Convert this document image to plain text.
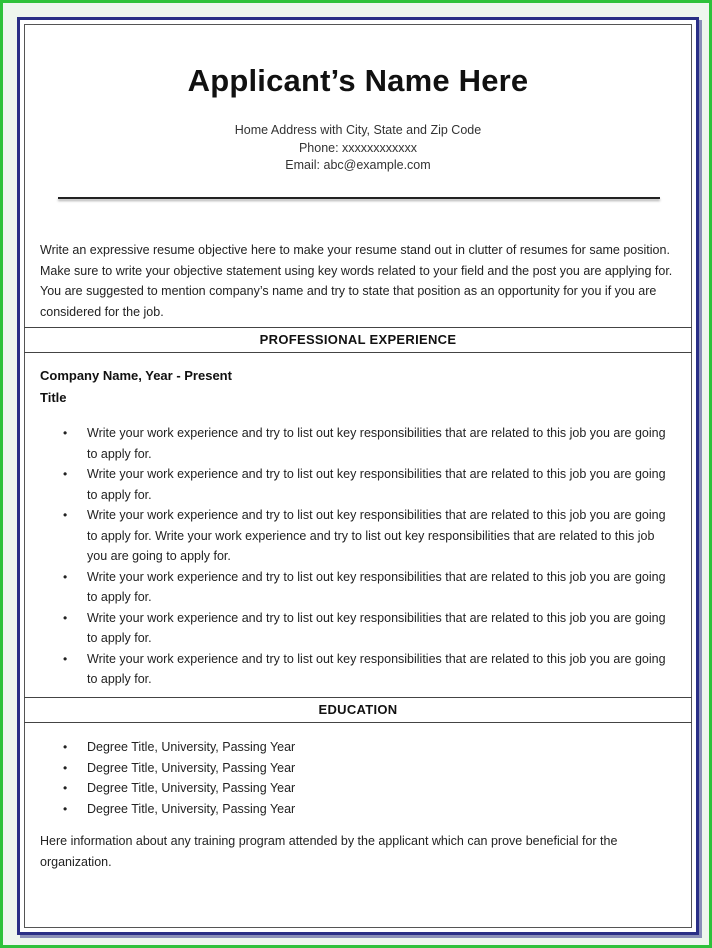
Applicant’s Name Here
Home Address with City, State and Zip Code
Phone: xxxxxxxxxxxx
Email: abc@example.com
Write an expressive resume objective here to make your resume stand out in clutter of resumes for same position. Make sure to write your objective statement using key words related to your field and the post you are applying for. You are suggested to mention company’s name and try to state that position as an opportunity for you if you are considered for the job.
PROFESSIONAL EXPERIENCE
Company Name, Year - Present
Title
• Write your work experience and try to list out key responsibilities that are related to this job you are going to apply for.
• Write your work experience and try to list out key responsibilities that are related to this job you are going to apply for.
• Write your work experience and try to list out key responsibilities that are related to this job you are going to apply for. Write your work experience and try to list out key responsibilities that are related to this job you are going to apply for.
• Write your work experience and try to list out key responsibilities that are related to this job you are going to apply for.
• Write your work experience and try to list out key responsibilities that are related to this job you are going to apply for.
• Write your work experience and try to list out key responsibilities that are related to this job you are going to apply for.
EDUCATION
• Degree Title, University, Passing Year
• Degree Title, University, Passing Year
• Degree Title, University, Passing Year
• Degree Title, University, Passing Year
Here information about any training program attended by the applicant which can prove beneficial for the organization.
